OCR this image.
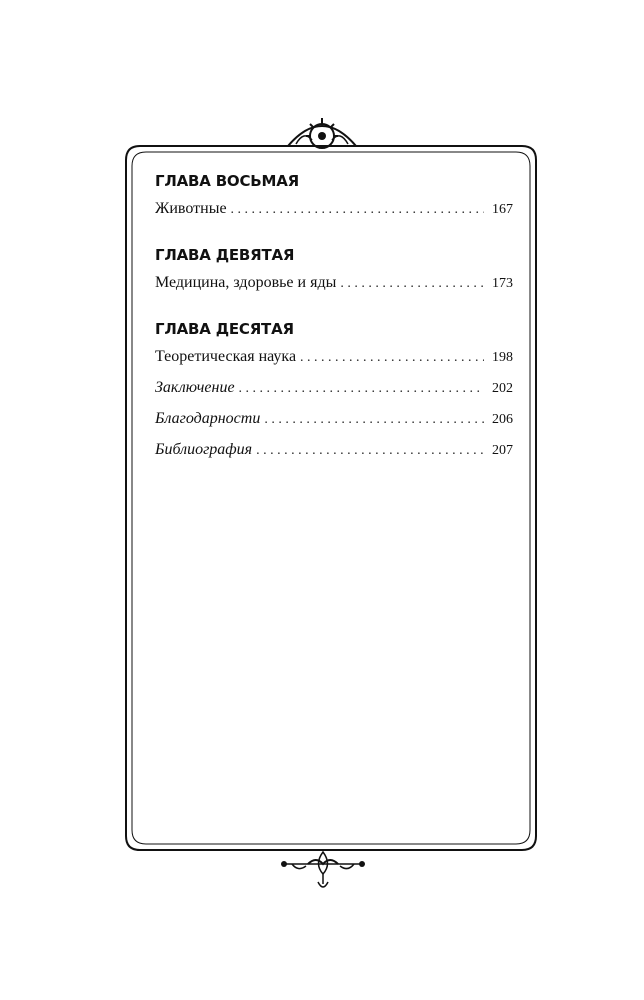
ГЛАВА ВОСЬМАЯ
Животные . . .	167
ГЛАВА ДЕВЯТАЯ
Медицина, здоровье и яды . . .	173
ГЛАВА ДЕСЯТАЯ
Теоретическая наука . . .	198
Заключение . . .	202
Благодарности . . .	206
Библиография . . .	207
